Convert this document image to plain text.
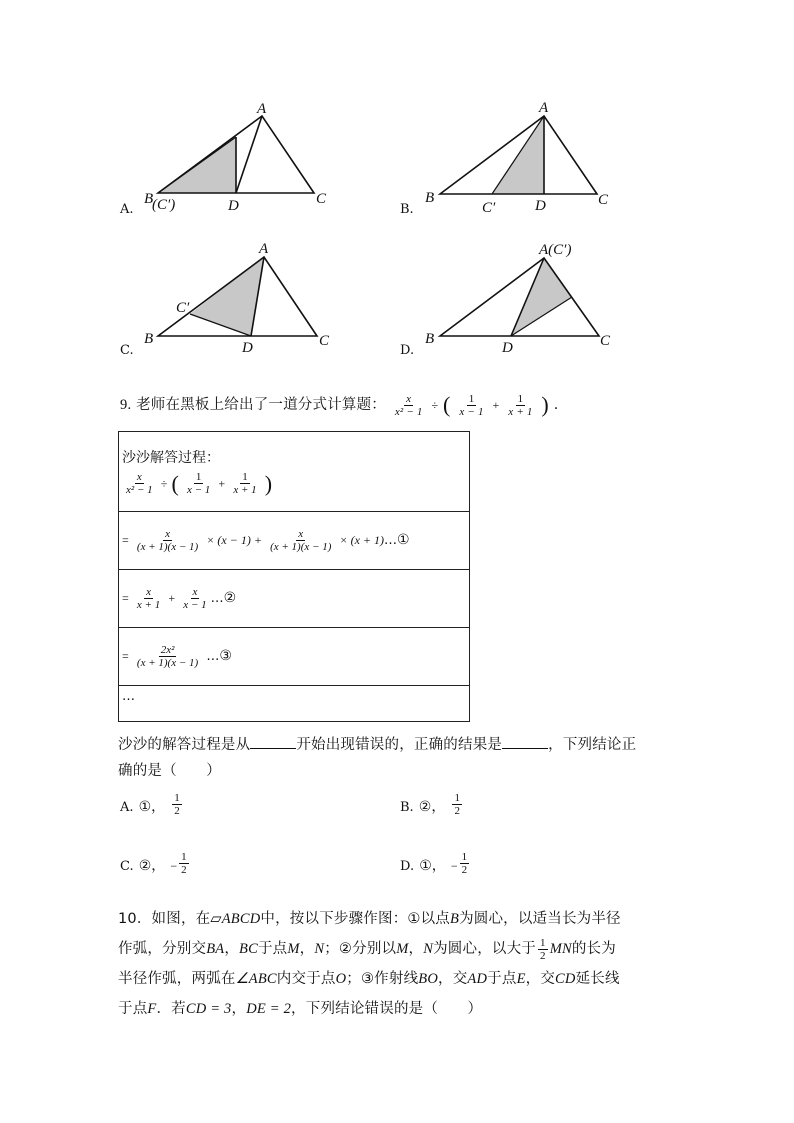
A
B
(C′)	D	C
A.
A
B
C′	D	C
B.
A
C′
B
D	C
C.
A(C′)
B
D	C
D.
9. 老师在黑板上给出了一道分式计算题： $\frac{x}{\text{x² − 1}}$ ÷ ( $\frac{1}{x - 1} + \frac{1}{x + 1}$ ) .
沙沙解答过程：
$\frac{x}{\text{x² − 1}}$ ÷ ( $\frac{1}{x - 1} + \frac{1}{x + 1}$ )

= $\frac{x}{(x + 1)(x - 1)} \times (x - 1) + \frac{x}{(x + 1)(x - 1)} \times (x$ + 1)…①

= $\frac{x}{x + 1} + \frac{x}{x - 1}$ …②

= $\frac{\text{2x²}}{(x + 1)(x - 1)}$ …③

…
沙沙的解答过程是从	开始出现错误的，正确的结果是	，下列结论正
确的是（　　）
A. ①， $\frac{1}{2}$	B. ②， $\frac{1}{2}$
C. ②， − $\frac{1}{2}$	D. ①， − $\frac{1}{2}$
10．如图，在▱ABCD中，按以下步骤作图：①以点B为圆心，以适当长为半径
作弧，分别交BA，BC于点M，N；②分别以M，N为圆心，以大于 $\frac{1}{2}$ MN的长为
半径作弧，两弧在∠ABC内交于点O；③作射线BO，交AD于点E，交CD延长线
于点F．若CD = 3，DE = 2，下列结论错误的是（　　）
